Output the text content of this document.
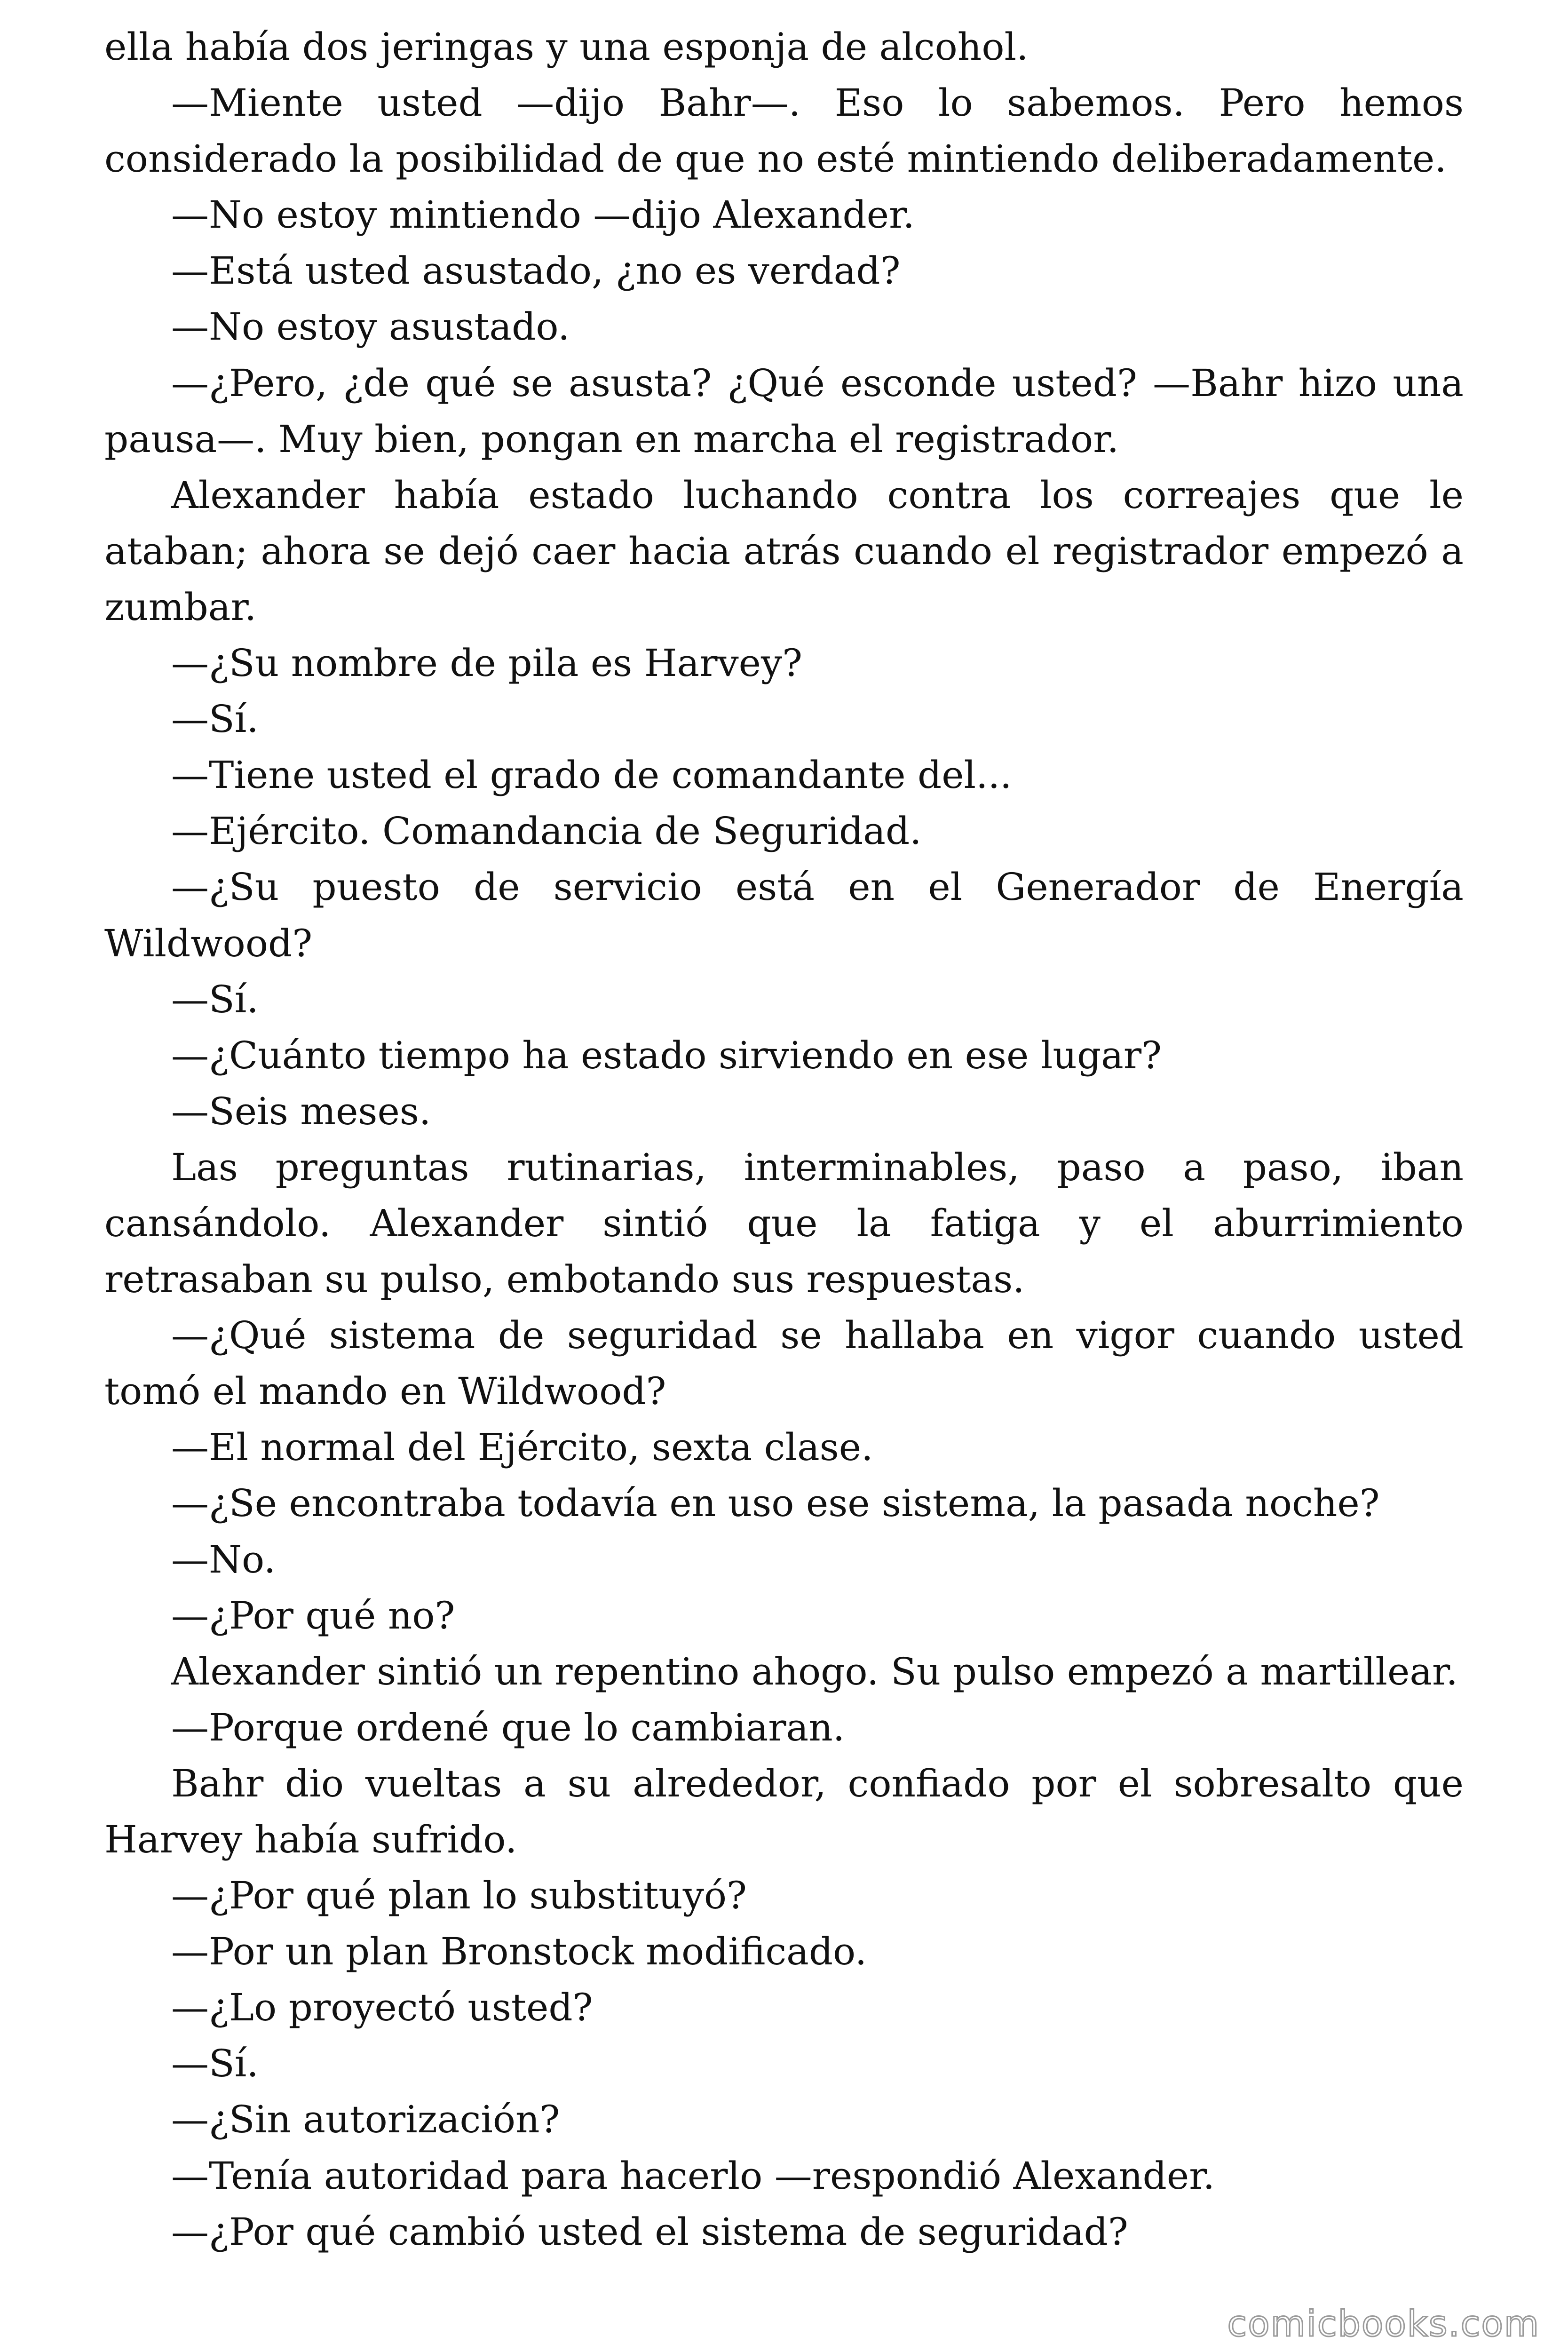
ella había dos jeringas y una esponja de alcohol.

—Miente usted —dijo Bahr—. Eso lo sabemos. Pero hemos considerado la posibilidad de que no esté mintiendo deliberadamente.

—No estoy mintiendo —dijo Alexander.

—Está usted asustado, ¿no es verdad?

—No estoy asustado.

—¿Pero, ¿de qué se asusta? ¿Qué esconde usted? —Bahr hizo una pausa—. Muy bien, pongan en marcha el registrador.

Alexander había estado luchando contra los correajes que le ataban; ahora se dejó caer hacia atrás cuando el registrador empezó a zumbar.

—¿Su nombre de pila es Harvey?

—Sí.

—Tiene usted el grado de comandante del...

—Ejército. Comandancia de Seguridad.

—¿Su puesto de servicio está en el Generador de Energía Wildwood?

—Sí.

—¿Cuánto tiempo ha estado sirviendo en ese lugar?

—Seis meses.

Las preguntas rutinarias, interminables, paso a paso, iban cansándolo. Alexander sintió que la fatiga y el aburrimiento retrasaban su pulso, embotando sus respuestas.

—¿Qué sistema de seguridad se hallaba en vigor cuando usted tomó el mando en Wildwood?

—El normal del Ejército, sexta clase.

—¿Se encontraba todavía en uso ese sistema, la pasada noche?

—No.

—¿Por qué no?

Alexander sintió un repentino ahogo. Su pulso empezó a martillear.

—Porque ordené que lo cambiaran.

Bahr dio vueltas a su alrededor, confiado por el sobresalto que Harvey había sufrido.

—¿Por qué plan lo substituyó?

—Por un plan Bronstock modificado.

—¿Lo proyectó usted?

—Sí.

—¿Sin autorización?

—Tenía autoridad para hacerlo —respondió Alexander.

—¿Por qué cambió usted el sistema de seguridad?

comicbooks.com
